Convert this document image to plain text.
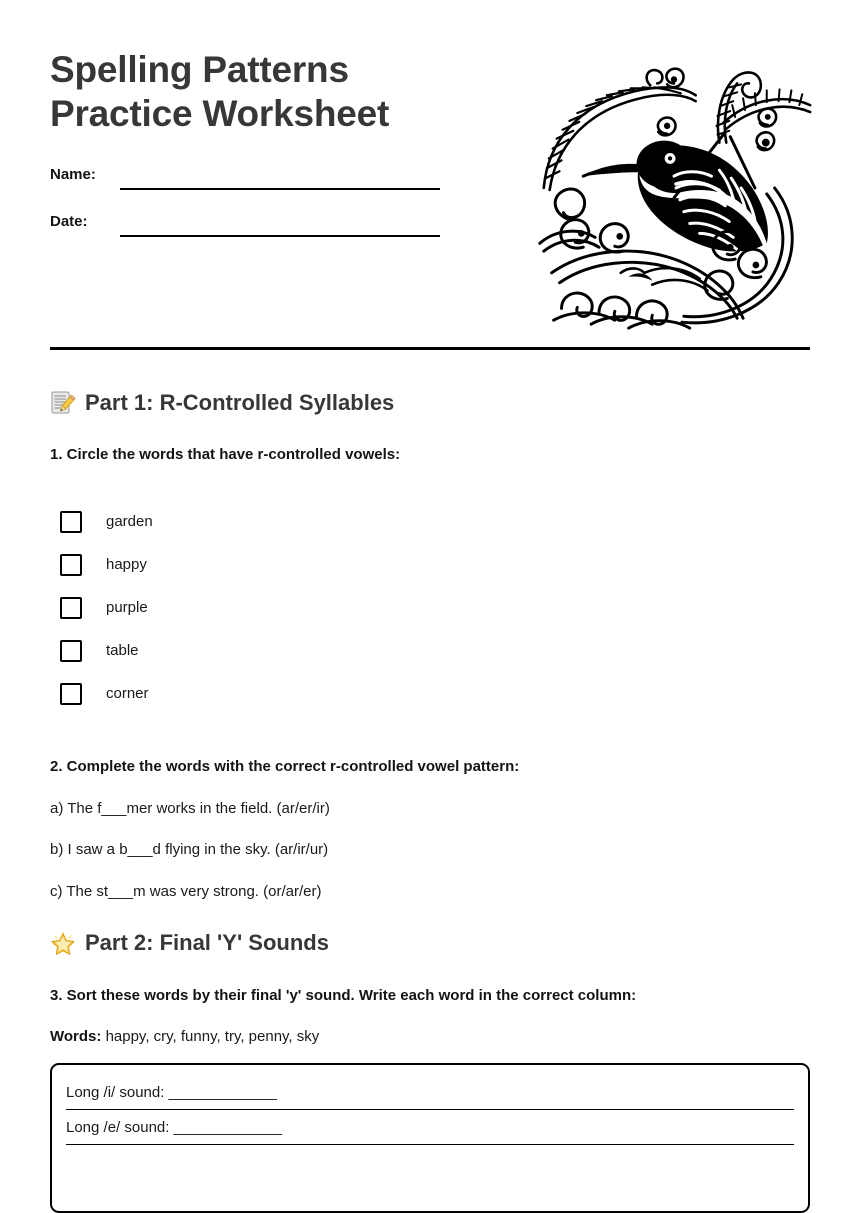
Spelling Patterns
Practice Worksheet
Name:
Date:
Part 1: R-Controlled Syllables

1. Circle the words that have r-controlled vowels:

garden
happy
purple
table
corner

2. Complete the words with the correct r-controlled vowel pattern:

a) The f___mer works in the field. (ar/er/ir)

b) I saw a b___d flying in the sky. (ar/ir/ur)

c) The st___m was very strong. (or/ar/er)

Part 2: Final 'Y' Sounds

3. Sort these words by their final 'y' sound. Write each word in the correct column:

Words: happy, cry, funny, try, penny, sky

Long /i/ sound: _____________
Long /e/ sound: _____________
